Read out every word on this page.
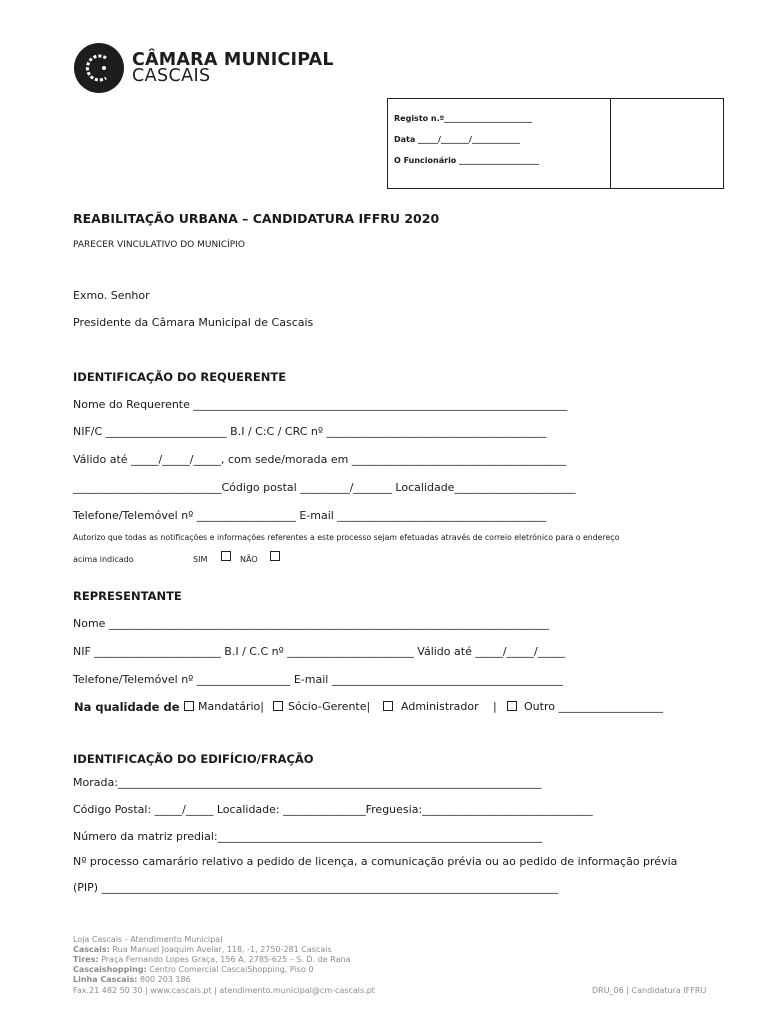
CÂMARA MUNICIPAL
CASCAIS
Registo n.º______________________
Data _____/_______/____________
O Funcionário ____________________
REABILITAÇÃO URBANA – CANDIDATURA IFFRU 2020
PARECER VINCULATIVO DO MUNICÍPIO
Exmo. Senhor
Presidente da Câmara Municipal de Cascais
IDENTIFICAÇÃO DO REQUERENTE
Nome do Requerente ____________________________________________________________________
NIF/C ______________________ B.I / C:C / CRC nº ________________________________________
Válido até _____/_____/_____, com sede/morada em _______________________________________
___________________________Código postal _________/_______ Localidade______________________
Telefone/Telemóvel nº __________________ E-mail ______________________________________
Autorizo que todas as notificações e informações referentes a este processo sejam efetuadas através de correio eletrónico para o endereço
acima indicado	SIM	NÃO
REPRESENTANTE
Nome ________________________________________________________________________________
NIF _______________________ B.I / C.C nº _______________________ Válido até _____/_____/_____
Telefone/Telemóvel nº _________________ E-mail __________________________________________
Na qualidade de Mandatário| Sócio-Gerente|	Administrador | Outro ___________________
IDENTIFICAÇÃO DO EDIFÍCIO/FRAÇÃO
Morada:_____________________________________________________________________________
Código Postal: _____/_____ Localidade: _______________Freguesia:_______________________________
Número da matriz predial:___________________________________________________________
Nº processo camarário relativo a pedido de licença, a comunicação prévia ou ao pedido de informação prévia
(PIP) ___________________________________________________________________________________
Loja Cascais - Atendimento Municipal
Cascais: Rua Manuel Joaquim Avelar, 118, -1, 2750-281 Cascais
Tires: Praça Fernando Lopes Graça, 156 A, 2785-625 – S. D. de Rana
Cascaishopping: Centro Comercial CascaiShopping, Piso 0
Linha Cascais: 800 203 186
Fax.21 482 50 30 | www.cascais.pt | atendimento.municipal@cm-cascais.pt	DRU_06 | Candidatura IFFRU
